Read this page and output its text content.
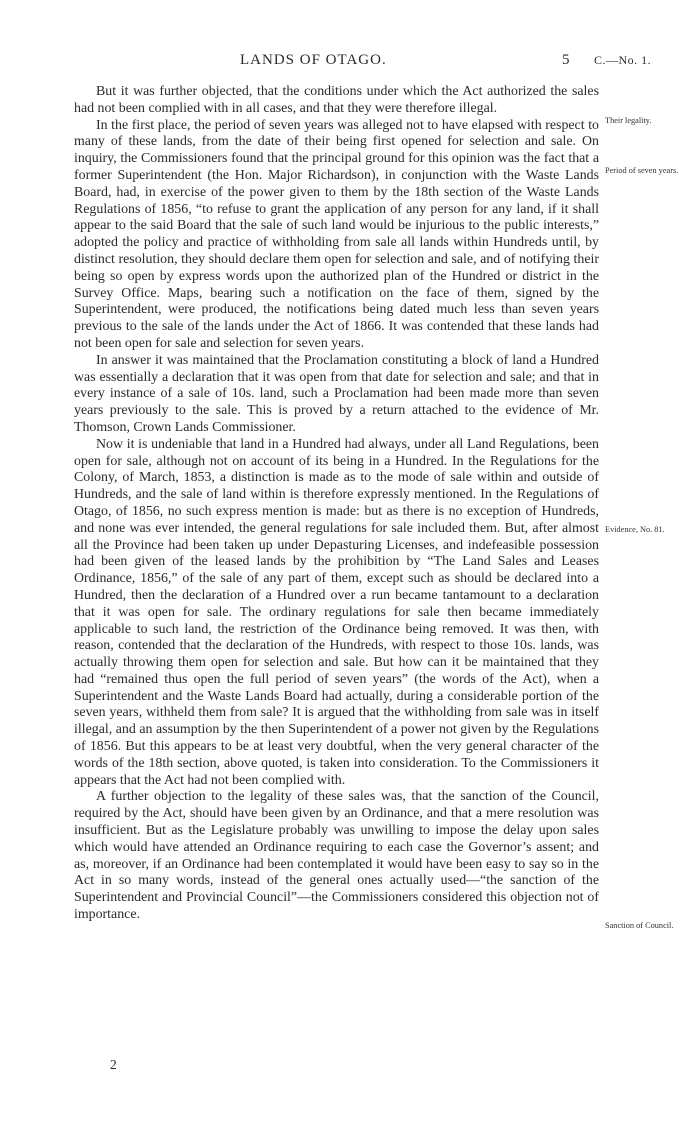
LANDS OF OTAGO.	5 C.—No. 1.

But it was further objected, that the conditions under which the Act authorized the sales had not been complied with in all cases, and that they were therefore illegal.

In the first place, the period of seven years was alleged not to have elapsed with respect to many of these lands, from the date of their being first opened for selection and sale. On inquiry, the Commissioners found that the principal ground for this opinion was the fact that a former Superintendent (the Hon. Major Richardson), in conjunction with the Waste Lands Board, had, in exercise of the power given to them by the 18th section of the Waste Lands Regulations of 1856, “to refuse to grant the application of any person for any land, if it shall appear to the said Board that the sale of such land would be injurious to the public interests,” adopted the policy and practice of withholding from sale all lands within Hundreds until, by distinct resolution, they should declare them open for selection and sale, and of notifying their being so open by express words upon the authorized plan of the Hundred or district in the Survey Office. Maps, bearing such a notification on the face of them, signed by the Superintendent, were produced, the notifications being dated much less than seven years previous to the sale of the lands under the Act of 1866. It was contended that these lands had not been open for sale and selection for seven years.

In answer it was maintained that the Proclamation constituting a block of land a Hundred was essentially a declaration that it was open from that date for selection and sale; and that in every instance of a sale of 10s. land, such a Proclamation had been made more than seven years previously to the sale. This is proved by a return attached to the evidence of Mr. Thomson, Crown Lands Commissioner.

Now it is undeniable that land in a Hundred had always, under all Land Regulations, been open for sale, although not on account of its being in a Hundred. In the Regulations for the Colony, of March, 1853, a distinction is made as to the mode of sale within and outside of Hundreds, and the sale of land within is therefore expressly mentioned. In the Regulations of Otago, of 1856, no such express mention is made: but as there is no exception of Hundreds, and none was ever intended, the general regulations for sale included them. But, after almost all the Province had been taken up under Depasturing Licenses, and indefeasible possession had been given of the leased lands by the prohibition by “The Land Sales and Leases Ordinance, 1856,” of the sale of any part of them, except such as should be declared into a Hundred, then the declaration of a Hundred over a run became tantamount to a declaration that it was open for sale. The ordinary regulations for sale then became immediately applicable to such land, the restriction of the Ordinance being removed. It was then, with reason, contended that the declaration of the Hundreds, with respect to those 10s. lands, was actually throwing them open for selection and sale. But how can it be maintained that they had “remained thus open the full period of seven years” (the words of the Act), when a Superintendent and the Waste Lands Board had actually, during a considerable portion of the seven years, withheld them from sale? It is argued that the withholding from sale was in itself illegal, and an assumption by the then Superintendent of a power not given by the Regulations of 1856. But this appears to be at least very doubtful, when the very general character of the words of the 18th section, above quoted, is taken into consideration. To the Commissioners it appears that the Act had not been complied with.

A further objection to the legality of these sales was, that the sanction of the Council, required by the Act, should have been given by an Ordinance, and that a mere resolution was insufficient. But as the Legislature probably was unwilling to impose the delay upon sales which would have attended an Ordinance requiring to each case the Governor’s assent; and as, moreover, if an Ordinance had been contemplated it would have been easy to say so in the Act in so many words, instead of the general ones actually used—“the sanction of the Superintendent and Provincial Council”—the Commissioners considered this objection not of importance.

Their legality.
Period of seven years.
Evidence, No. 81.
Sanction of Council.
2
